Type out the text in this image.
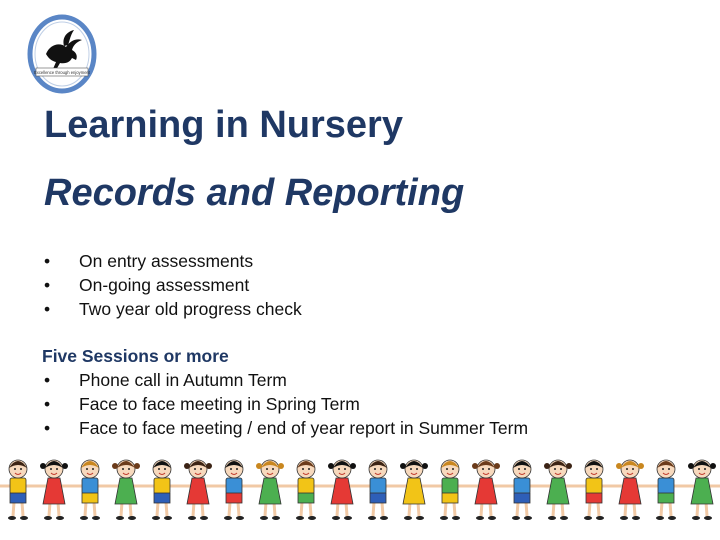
Excellence through enjoyment
Learning in Nursery
Records and Reporting
•	On entry assessments
•	On-going assessment
•	Two year old progress check
Five Sessions or more
•	Phone call in Autumn Term
•	Face to face meeting in Spring Term
•	Face to face meeting / end of year report in Summer Term
